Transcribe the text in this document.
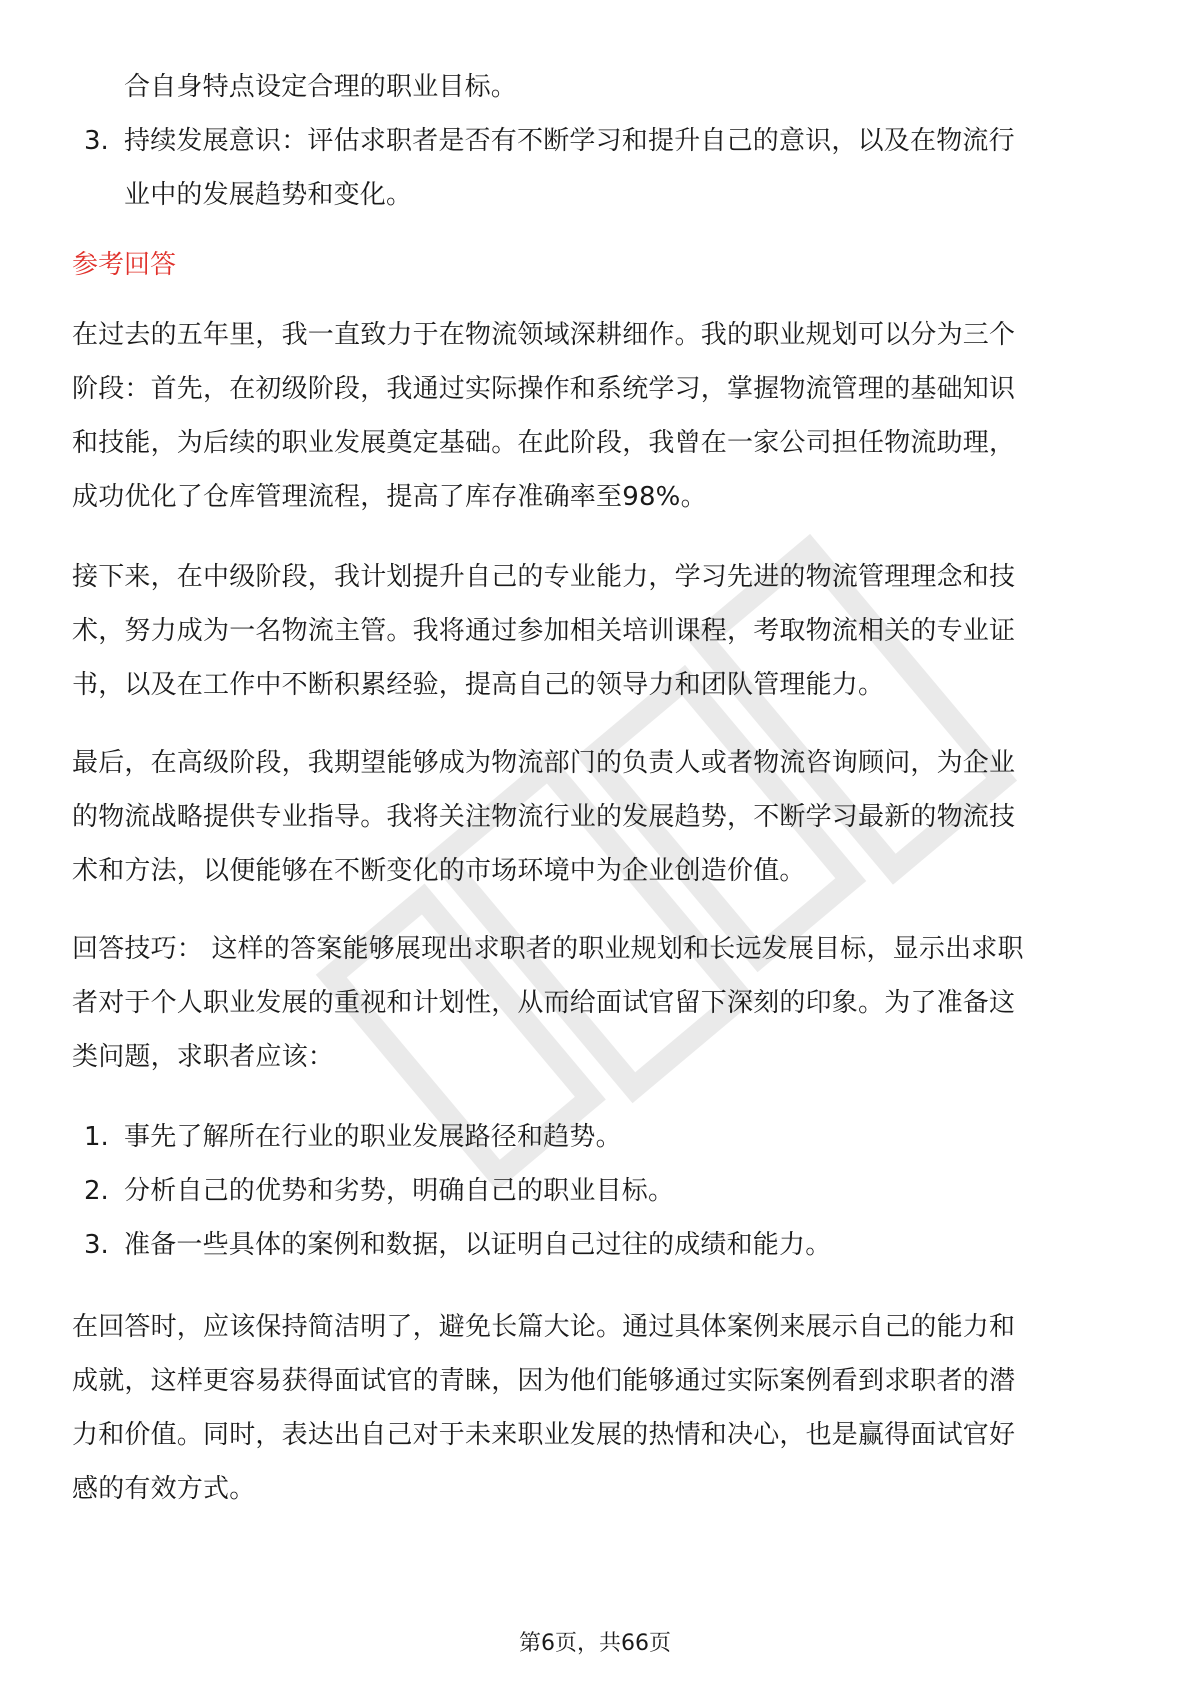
合自身特点设定合理的职业目标。
3. 持续发展意识：评估求职者是否有不断学习和提升自己的意识，以及在物流行
业中的发展趋势和变化。
参考回答
在过去的五年里，我一直致力于在物流领域深耕细作。我的职业规划可以分为三个
阶段：首先，在初级阶段，我通过实际操作和系统学习，掌握物流管理的基础知识
和技能，为后续的职业发展奠定基础。在此阶段，我曾在一家公司担任物流助理，
成功优化了仓库管理流程，提高了库存准确率至98%。
接下来，在中级阶段，我计划提升自己的专业能力，学习先进的物流管理理念和技
术，努力成为一名物流主管。我将通过参加相关培训课程，考取物流相关的专业证
书，以及在工作中不断积累经验，提高自己的领导力和团队管理能力。
最后，在高级阶段，我期望能够成为物流部门的负责人或者物流咨询顾问，为企业
的物流战略提供专业指导。我将关注物流行业的发展趋势，不断学习最新的物流技
术和方法，以便能够在不断变化的市场环境中为企业创造价值。
回答技巧： 这样的答案能够展现出求职者的职业规划和长远发展目标，显示出求职
者对于个人职业发展的重视和计划性，从而给面试官留下深刻的印象。为了准备这
类问题，求职者应该：
1. 事先了解所在行业的职业发展路径和趋势。
2. 分析自己的优势和劣势，明确自己的职业目标。
3. 准备一些具体的案例和数据，以证明自己过往的成绩和能力。
在回答时，应该保持简洁明了，避免长篇大论。通过具体案例来展示自己的能力和
成就，这样更容易获得面试官的青睐，因为他们能够通过实际案例看到求职者的潜
力和价值。同时，表达出自己对于未来职业发展的热情和决心，也是赢得面试官好
感的有效方式。
第6页，共66页
